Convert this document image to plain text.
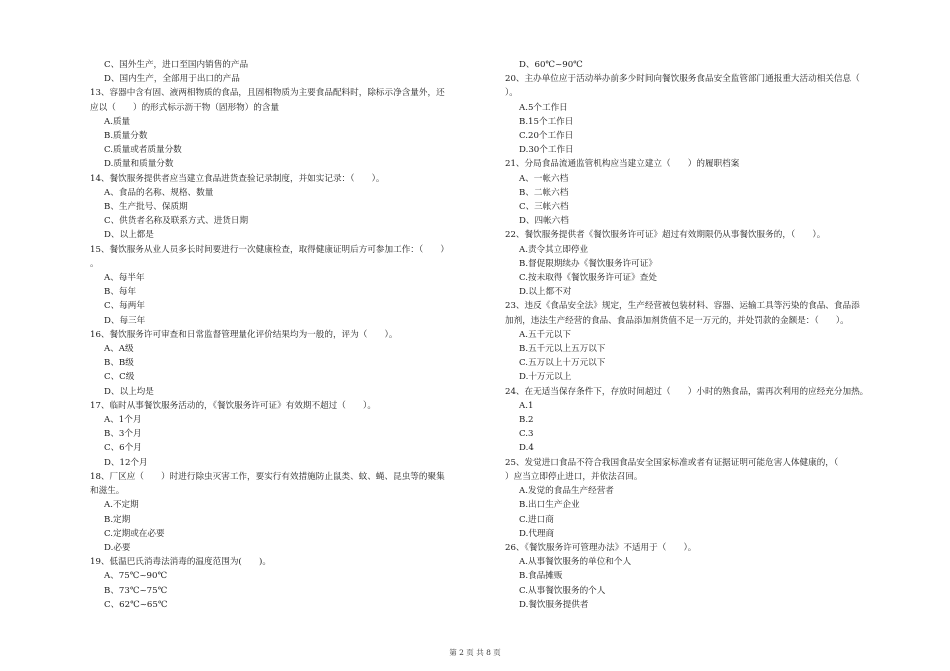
C、国外生产，进口至国内销售的产品
D、国内生产，全部用于出口的产品
13、容器中含有固、液两相物质的食品，且固相物质为主要食品配料时，除标示净含量外，还
应以（　　）的形式标示沥干物（固形物）的含量
A.质量
B.质量分数
C.质量或者质量分数
D.质量和质量分数
14、餐饮服务提供者应当建立食品进货查验记录制度，并如实记录：（　　）。
A、食品的名称、规格、数量
B、生产批号、保质期
C、供货者名称及联系方式、进货日期
D、以上都是
15、餐饮服务从业人员多长时间要进行一次健康检查，取得健康证明后方可参加工作：（　　）
。
A、每半年
B、每年
C、每两年
D、每三年
16、餐饮服务许可审查和日常监督管理量化评价结果均为一般的，评为（　　）。
A、A级
B、B级
C、C级
D、以上均是
17、临时从事餐饮服务活动的，《餐饮服务许可证》有效期不超过（　　）。
A、1个月
B、3个月
C、6个月
D、12个月
18、厂区应（　　）时进行除虫灭害工作，要实行有效措施防止鼠类、蚊、蝇、昆虫等的聚集
和滋生。
A.不定期
B.定期
C.定期或在必要
D.必要
19、低温巴氏消毒法消毒的温度范围为(　　)。
A、75℃~90℃
B、73℃~75℃
C、62℃~65℃
D、60℃~90℃
20、主办单位应于活动举办前多少时间向餐饮服务食品安全监管部门通报重大活动相关信息（
）。
A.5个工作日
B.15个工作日
C.20个工作日
D.30个工作日
21、分局食品流通监管机构应当建立建立（　　）的履职档案
A、一帐六档
B、二帐六档
C、三帐六档
D、四帐六档
22、餐饮服务提供者《餐饮服务许可证》超过有效期限仍从事餐饮服务的，（　　）。
A.责令其立即停业
B.督促限期续办《餐饮服务许可证》
C.按未取得《餐饮服务许可证》查处
D.以上都不对
23、违反《食品安全法》规定，生产经营被包装材料、容器、运输工具等污染的食品、食品添
加剂，违法生产经营的食品、食品添加剂货值不足一万元的，并处罚款的金额是：（　　）。
A.五千元以下
B.五千元以上五万以下
C.五万以上十万元以下
D.十万元以上
24、在无适当保存条件下，存放时间超过（　　）小时的熟食品，需再次利用的应经充分加热。
A.1
B.2
C.3
D.4
25、发觉进口食品不符合我国食品安全国家标准或者有证据证明可能危害人体健康的，（
）应当立即停止进口，并依法召回。
A.发觉的食品生产经营者
B.出口生产企业
C.进口商
D.代理商
26、《餐饮服务许可管理办法》不适用于（　　）。
A.从事餐饮服务的单位和个人
B.食品摊贩
C.从事餐饮服务的个人
D.餐饮服务提供者
第 2 页 共 8 页
